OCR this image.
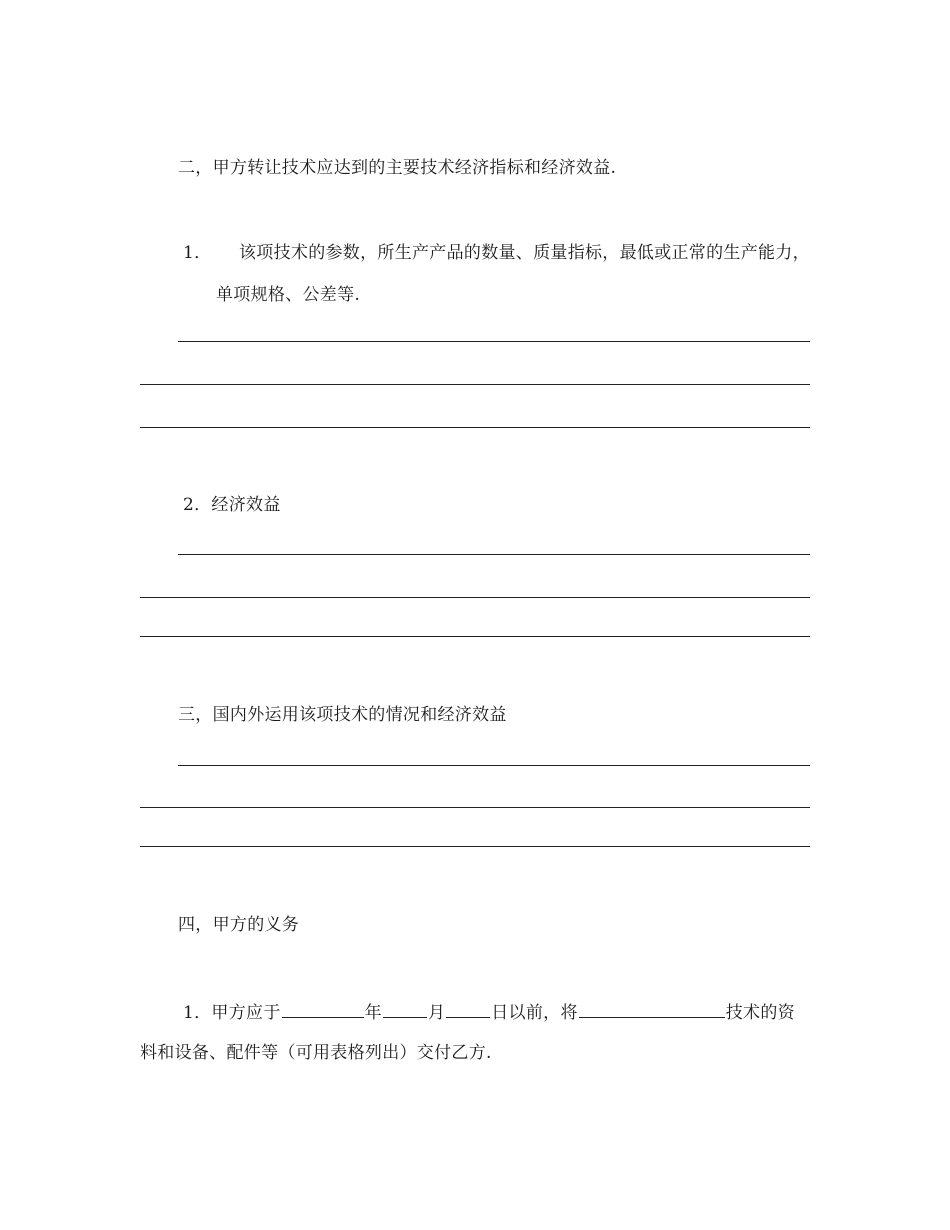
二，甲方转让技术应达到的主要技术经济指标和经济效益.
1． 该项技术的参数，所生产产品的数量、质量指标，最低或正常的生产能力，
单项规格、公差等.
2．经济效益
三，国内外运用该项技术的情况和经济效益
四，甲方的义务
1．甲方应于	年	月	日以前，将	技术的资
料和设备、配件等（可用表格列出）交付乙方.
